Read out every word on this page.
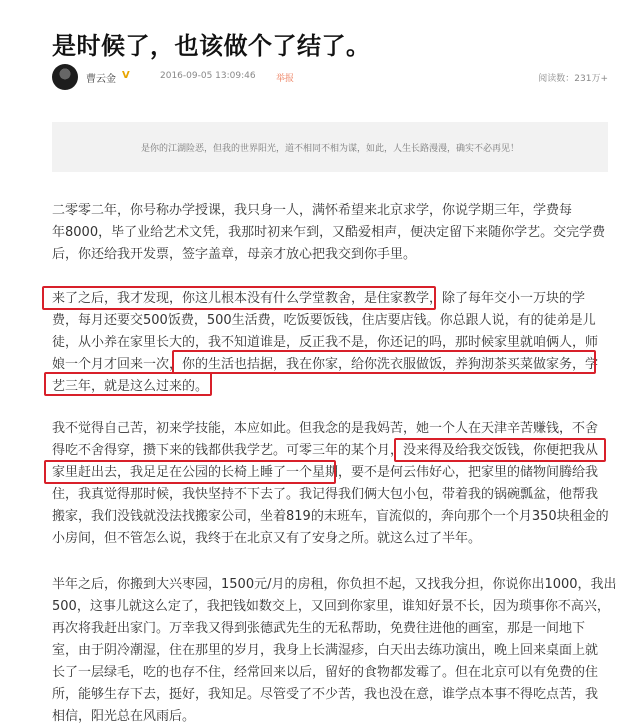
是时候了，也该做个了结了。
曹云金 V	2016-09-05 13:09:46 举报	阅读数：231万+
是你的江湖险恶，但我的世界阳光，道不相同不相为谋，如此，人生长路漫漫，确实不必再见！

二零零二年，你号称办学授课，我只身一人，满怀希望来北京求学，你说学期三年，学费每
年8000，毕了业给艺术文凭，我那时初来乍到，又酷爱相声，便决定留下来随你学艺。交完学费
后，你还给我开发票，签字盖章，母亲才放心把我交到你手里。

来了之后，我才发现，你这儿根本没有什么学堂教舍，是住家教学，除了每年交小一万块的学
费，每月还要交500饭费，500生活费，吃饭要饭钱，住店要店钱。你总跟人说，有的徒弟是儿
徒，从小养在家里长大的，我不知道谁是，反正我不是，你还记的吗，那时候家里就咱俩人，师
娘一个月才回来一次，你的生活也拮据，我在你家，给你洗衣服做饭，养狗沏茶买菜做家务，学
艺三年，就是这么过来的。

我不觉得自己苦，初来学技能，本应如此。但我念的是我妈苦，她一个人在天津辛苦赚钱，不舍
得吃不舍得穿，攒下来的钱都供我学艺。可零三年的某个月，没来得及给我交饭钱，你便把我从
家里赶出去，我足足在公园的长椅上睡了一个星期，要不是何云伟好心，把家里的储物间腾给我
住，我真觉得那时候，我快坚持不下去了。我记得我们俩大包小包，带着我的锅碗瓢盆，他帮我
搬家，我们没钱就没法找搬家公司，坐着819的末班车，盲流似的，奔向那个一个月350块租金的
小房间，但不管怎么说，我终于在北京又有了安身之所。就这么过了半年。

半年之后，你搬到大兴枣园，1500元/月的房租，你负担不起，又找我分担，你说你出1000，我出
500，这事儿就这么定了，我把钱如数交上，又回到你家里，谁知好景不长，因为琐事你不高兴，
再次将我赶出家门。万幸我又得到张德武先生的无私帮助，免费往进他的画室，那是一间地下
室，由于阴冷潮湿，住在那里的岁月，我身上长满湿疹，白天出去练功演出，晚上回来桌面上就
长了一层绿毛，吃的也存不住，经常回来以后，留好的食物都发霉了。但在北京可以有免费的住
所，能够生存下去，挺好，我知足。尽管受了不少苦，我也没在意，谁学点本事不得吃点苦，我
相信，阳光总在风雨后。
